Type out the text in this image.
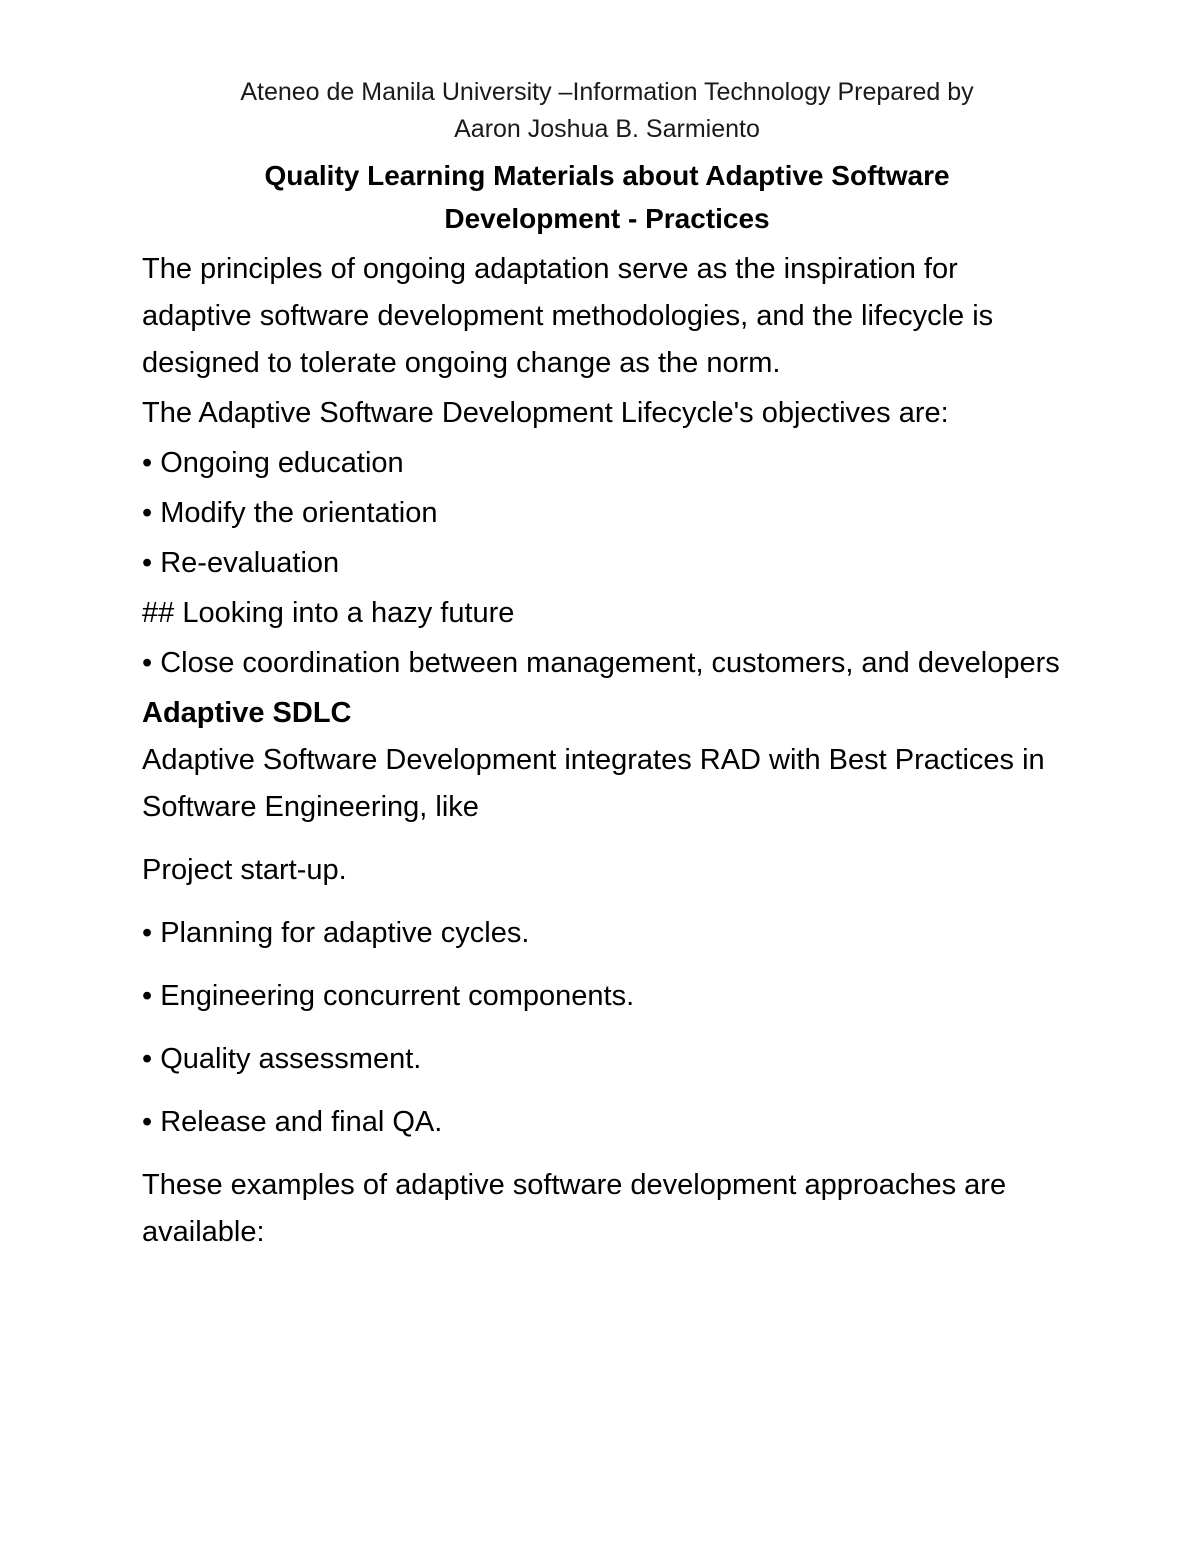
Ateneo de Manila University –Information Technology Prepared by
Aaron Joshua B. Sarmiento
Quality Learning Materials about Adaptive Software
Development - Practices

The principles of ongoing adaptation serve as the inspiration for adaptive software development methodologies, and the lifecycle is designed to tolerate ongoing change as the norm.

The Adaptive Software Development Lifecycle's objectives are:

• Ongoing education

• Modify the orientation

• Re-evaluation

## Looking into a hazy future

• Close coordination between management, customers, and developers

Adaptive SDLC

Adaptive Software Development integrates RAD with Best Practices in Software Engineering, like

Project start-up.

• Planning for adaptive cycles.

• Engineering concurrent components.

• Quality assessment.

• Release and final QA.

These examples of adaptive software development approaches are available:
